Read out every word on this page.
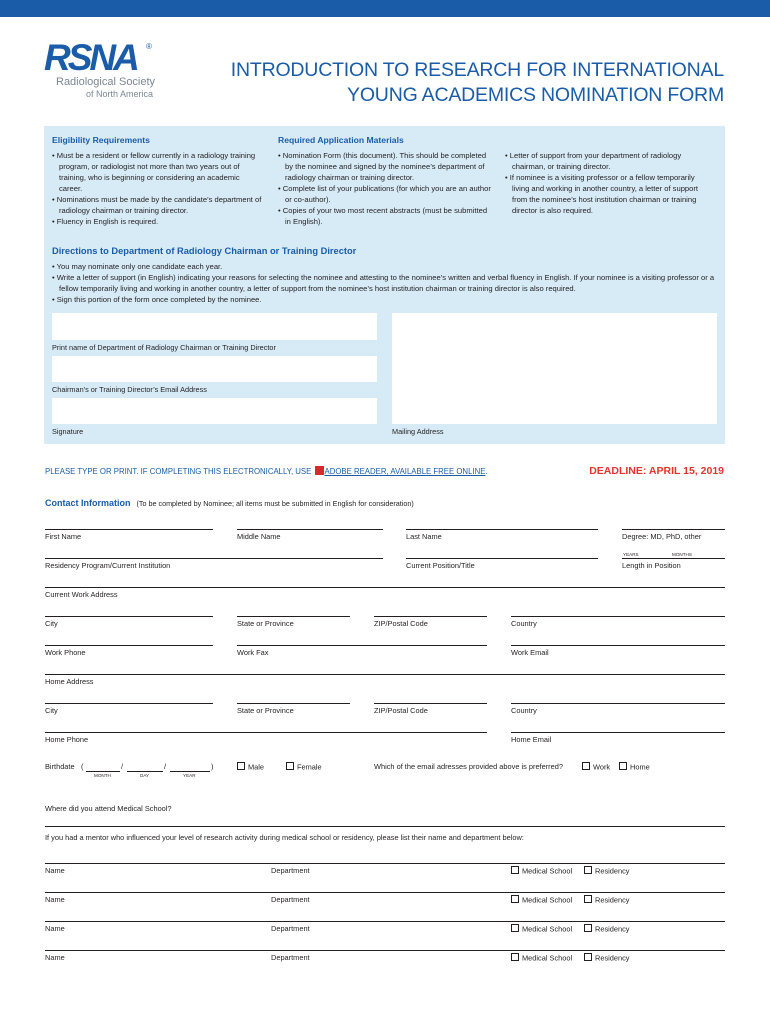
RSNA	®
Radiological Society
of North America
INTRODUCTION TO RESEARCH FOR INTERNATIONAL
YOUNG ACADEMICS NOMINATION FORM
Eligibility Requirements
• Must be a resident or fellow currently in a radiology training program, or radiologist not more than two years out of training, who is beginning or considering an academic career.
• Nominations must be made by the candidate’s department of radiology chairman or training director.
• Fluency in English is required.
Required Application Materials
• Nomination Form (this document). This should be completed by the nominee and signed by the nominee’s department of radiology chairman or training director.
• Complete list of your publications (for which you are an author or co-author).
• Copies of your two most recent abstracts (must be submitted in English).
• Letter of support from your department of radiology chairman, or training director.
• If nominee is a visiting professor or a fellow temporarily living and working in another country, a letter of support from the nominee’s host institution chairman or training director is also required.
Directions to Department of Radiology Chairman or Training Director
• You may nominate only one candidate each year.
• Write a letter of support (in English) indicating your reasons for selecting the nominee and attesting to the nominee’s written and verbal fluency in English. If your nominee is a visiting professor or a fellow temporarily living and working in another country, a letter of support from the nominee’s host institution chairman or training director is also required.
• Sign this portion of the form once completed by the nominee.
Print name of Department of Radiology Chairman or Training Director
Chairman’s or Training Director’s Email Address
Signature	Mailing Address
PLEASE TYPE OR PRINT. IF COMPLETING THIS ELECTRONICALLY, USE ADOBE READER, AVAILABLE FREE ONLINE.	DEADLINE: APRIL 15, 2019
Contact Information (To be completed by Nominee; all items must be submitted in English for consideration)
First Name	Middle Name	Last Name	Degree: MD, PhD, other
YEARS	MONTHS
Residency Program/Current Institution	Current Position/Title	Length in Position
Current Work Address
City	State or Province	ZIP/Postal Code	Country
Work Phone	Work Fax	Work Email
Home Address
City	State or Province	ZIP/Postal Code	Country
Home Phone	Home Email
Birthdate (	/	/	)
MONTH	DAY	YEAR
Male	Female	Which of the email adresses provided above is preferred?	Work	Home
Where did you attend Medical School?
If you had a mentor who influenced your level of research activity during medical school or residency, please list their name and department below:
Name	Department	Medical School	Residency
Name	Department	Medical School	Residency
Name	Department	Medical School	Residency
Name	Department	Medical School	Residency
